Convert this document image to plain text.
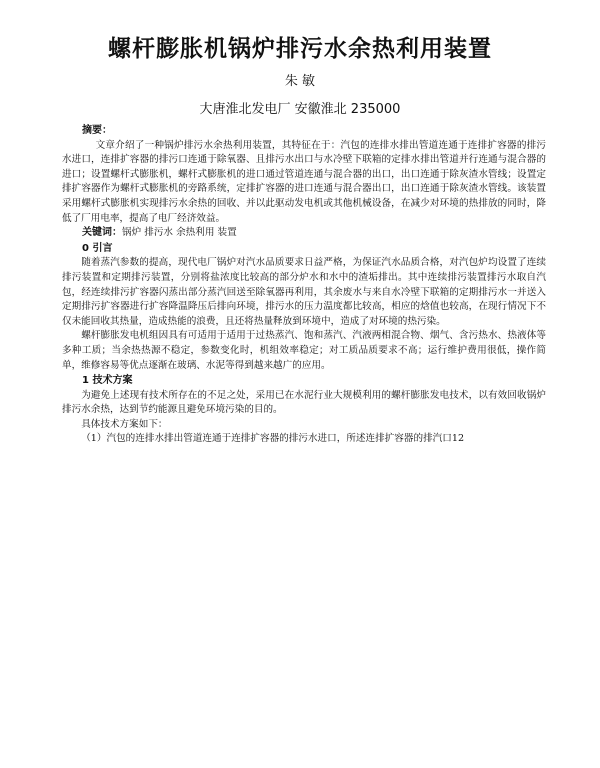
螺杆膨胀机锅炉排污水余热利用装置
朱 敏
大唐淮北发电厂 安徽淮北 235000
摘要：

文章介绍了一种锅炉排污水余热利用装置，其特征在于：汽包的连排水排出管道连通于连排扩容器的排污水进口，连排扩容器的排污口连通于除氧器、且排污水出口与水冷壁下联箱的定排水排出管道并行连通与混合器的进口；设置螺杆式膨胀机，螺杆式膨胀机的进口通过管道连通与混合器的出口，出口连通于除灰渣水管线；设置定排扩容器作为螺杆式膨胀机的旁路系统，定排扩容器的进口连通与混合器出口，出口连通于除灰渣水管线。该装置采用螺杆式膨胀机实现排污水余热的回收、并以此驱动发电机或其他机械设备，在减少对环境的热排放的同时，降低了厂用电率，提高了电厂经济效益。

关键词：锅炉 排污水 余热利用 装置

0 引言

随着蒸汽参数的提高，现代电厂锅炉对汽水品质要求日益严格，为保证汽水品质合格，对汽包炉均设置了连续排污装置和定期排污装置，分别将盐浓度比较高的部分炉水和水中的渣垢排出。其中连续排污装置排污水取自汽包，经连续排污扩容器闪蒸出部分蒸汽回送至除氧器再利用，其余废水与来自水冷壁下联箱的定期排污水一并送入定期排污扩容器进行扩容降温降压后排向环境，排污水的压力温度都比较高，相应的焓值也较高，在现行情况下不仅未能回收其热量，造成热能的浪费，且还将热量释放到环境中，造成了对环境的热污染。

螺杆膨胀发电机组因具有可适用于适用于过热蒸汽、饱和蒸汽、汽液两相混合物、烟气、含污热水、热液体等多种工质；当余热热源不稳定，参数变化时，机组效率稳定；对工质品质要求不高；运行维护费用很低，操作简单，维修容易等优点逐渐在玻璃、水泥等得到越来越广的应用。

1 技术方案

为避免上述现有技术所存在的不足之处，采用已在水泥行业大规模利用的螺杆膨胀发电技术，以有效回收锅炉排污水余热，达到节约能源且避免环境污染的目的。

具体技术方案如下：

（1）汽包的连排水排出管道连通于连排扩容器的排污水进口，所述连排扩容器的排汽口12
